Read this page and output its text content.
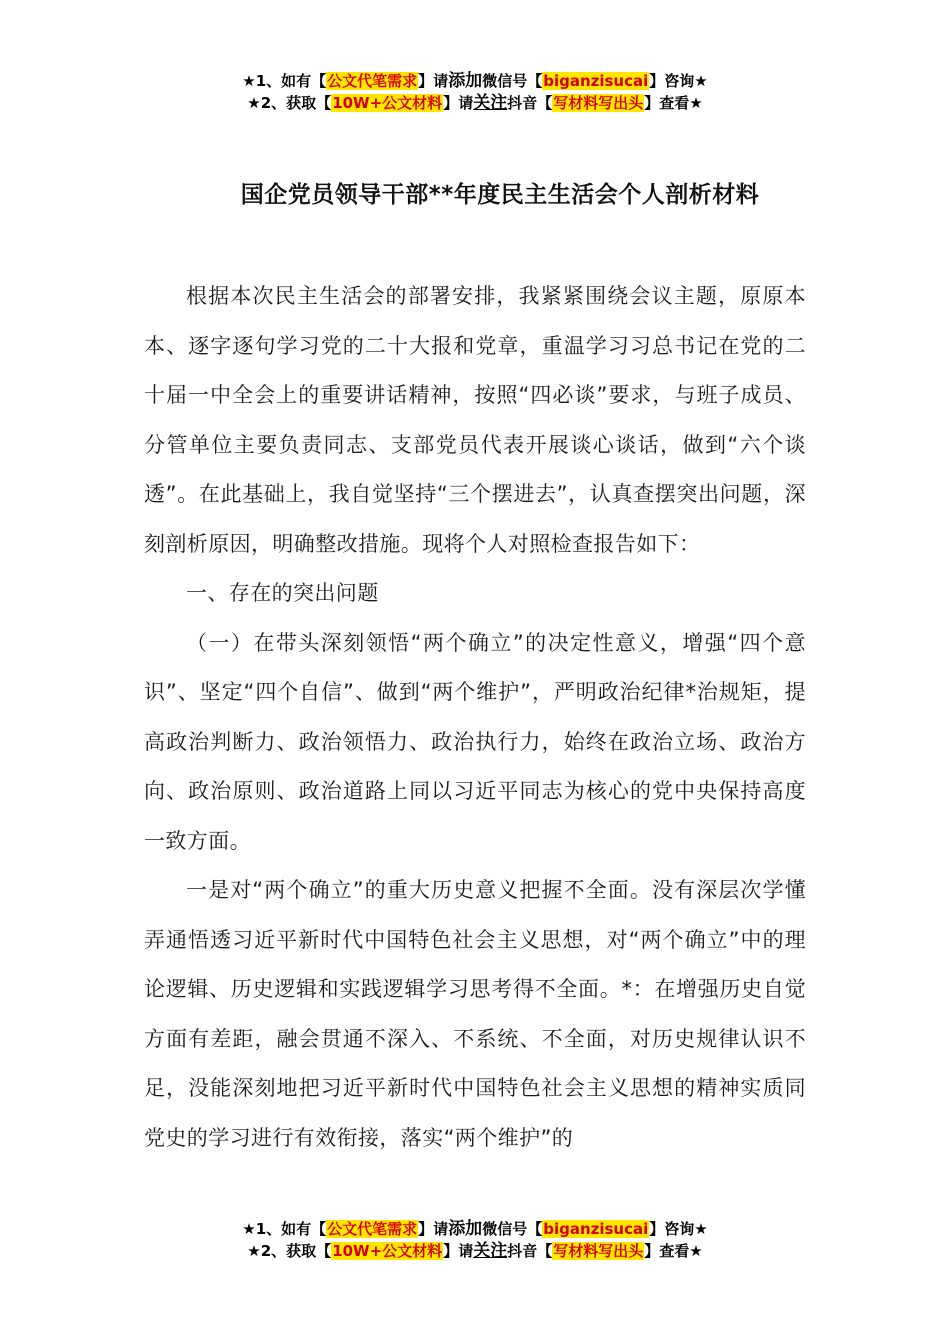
★1、如有【公文代笔需求】请添加微信号【biganzisucai】咨询★
★2、获取【10W+公文材料】请关注抖音【写材料写出头】查看★
国企党员领导干部**年度民主生活会个人剖析材料

根据本次民主生活会的部署安排，我紧紧围绕会议主题，原原本本、逐字逐句学习党的二十大报和党章，重温学习习总书记在党的二十届一中全会上的重要讲话精神，按照“四必谈”要求，与班子成员、分管单位主要负责同志、支部党员代表开展谈心谈话，做到“六个谈透”。在此基础上，我自觉坚持“三个摆进去”，认真查摆突出问题，深刻剖析原因，明确整改措施。现将个人对照检查报告如下：

一、存在的突出问题

（一）在带头深刻领悟“两个确立”的决定性意义，增强“四个意识”、坚定“四个自信”、做到“两个维护”，严明政治纪律*治规矩，提高政治判断力、政治领悟力、政治执行力，始终在政治立场、政治方向、政治原则、政治道路上同以习近平同志为核心的党中央保持高度一致方面。

一是对“两个确立”的重大历史意义把握不全面。没有深层次学懂弄通悟透习近平新时代中国特色社会主义思想，对“两个确立”中的理论逻辑、历史逻辑和实践逻辑学习思考得不全面。*：在增强历史自觉方面有差距，融会贯通不深入、不系统、不全面，对历史规律认识不足，没能深刻地把习近平新时代中国特色社会主义思想的精神实质同党史的学习进行有效衔接，落实“两个维护”的

★1、如有【公文代笔需求】请添加微信号【biganzisucai】咨询★
★2、获取【10W+公文材料】请关注抖音【写材料写出头】查看★
